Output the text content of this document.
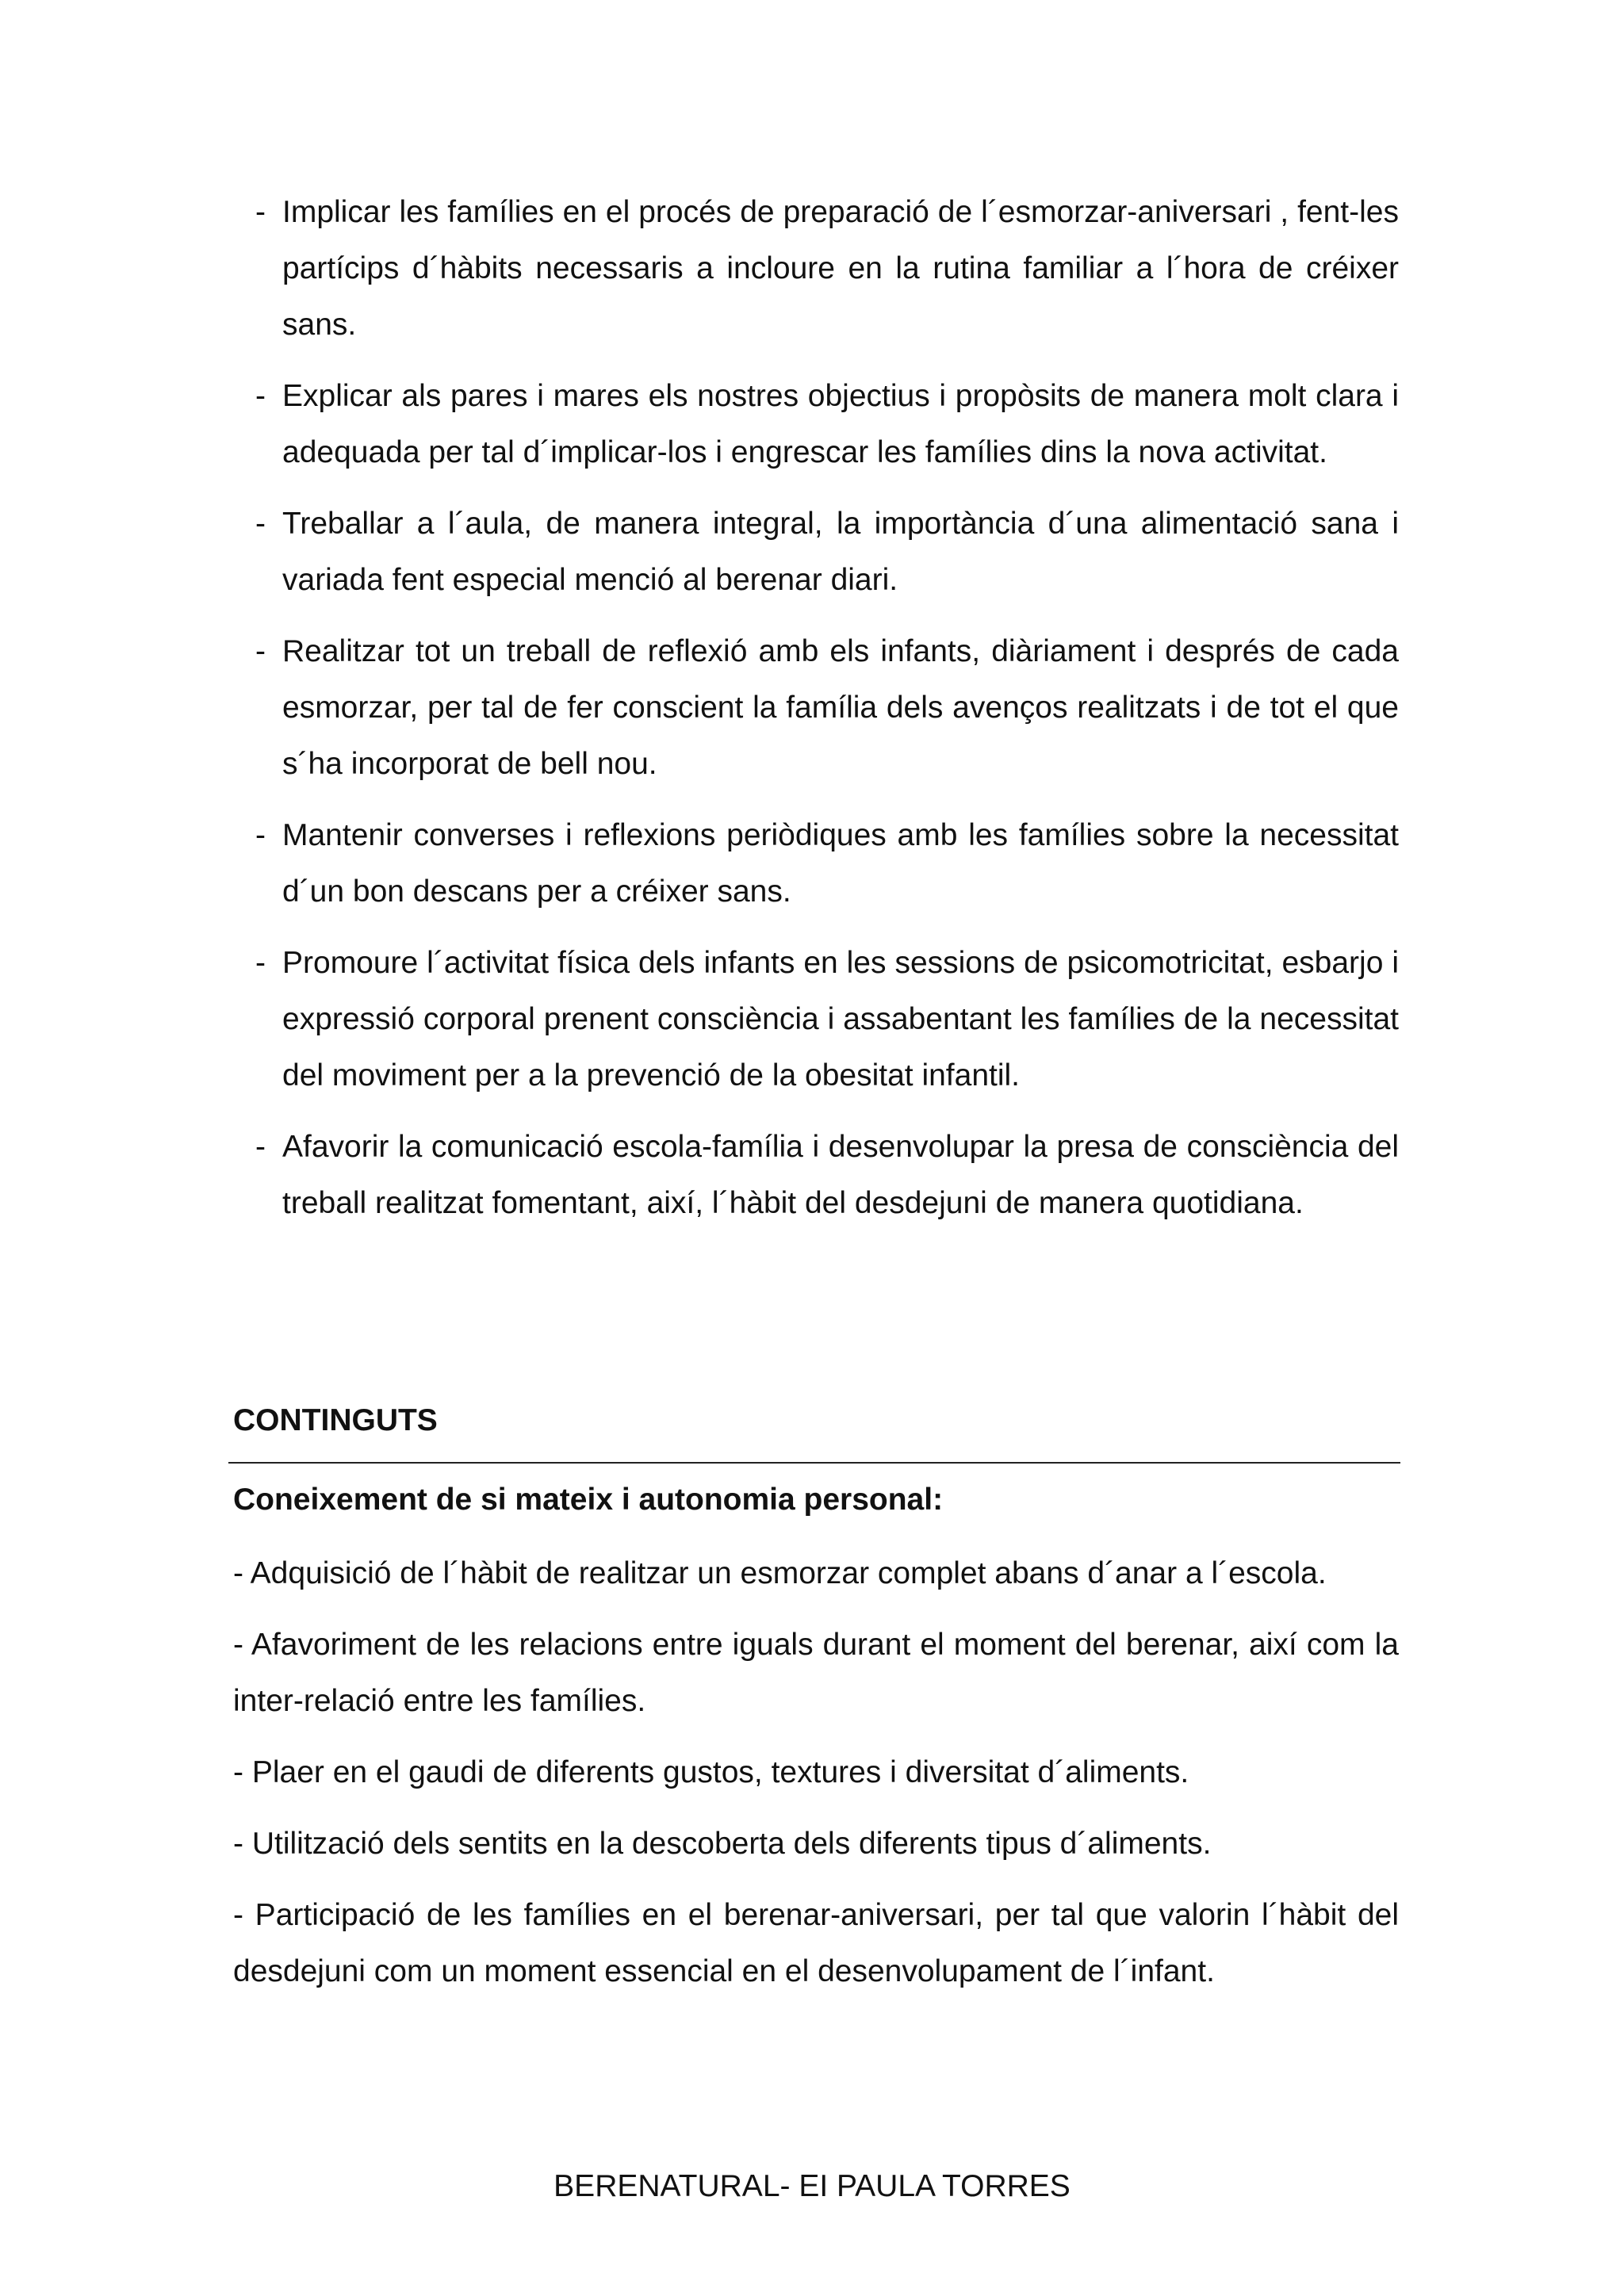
- Implicar les famílies en el procés de preparació de l´esmorzar-aniversari , fent-les partícips d´hàbits necessaris a incloure en la rutina familiar a l´hora de créixer sans.
- Explicar als pares i mares els nostres objectius i propòsits de manera molt clara i adequada per tal d´implicar-los i engrescar les famílies dins la nova activitat.
- Treballar a l´aula, de manera integral, la importància d´una alimentació sana i variada fent especial menció al berenar diari.
- Realitzar tot un treball de reflexió amb els infants, diàriament i després de cada esmorzar, per tal de fer conscient la família dels avenços realitzats i de tot el que s´ha incorporat de bell nou.
- Mantenir converses i reflexions periòdiques amb les famílies sobre la necessitat d´un bon descans per a créixer sans.
- Promoure l´activitat física dels infants en les sessions de psicomotricitat, esbarjo i expressió corporal prenent consciència i assabentant les famílies de la necessitat del moviment per a la prevenció de la obesitat infantil.
- Afavorir la comunicació escola-família i desenvolupar la presa de consciència del treball realitzat fomentant, així, l´hàbit del desdejuni de manera quotidiana.
CONTINGUTS
Coneixement de si mateix i autonomia personal:
- Adquisició de l´hàbit de realitzar un esmorzar complet abans d´anar a l´escola.
- Afavoriment de les relacions entre iguals durant el moment del berenar, així com la inter-relació entre les famílies.
- Plaer en el gaudi de diferents gustos, textures i diversitat d´aliments.
- Utilització dels sentits en la descoberta dels diferents tipus d´aliments.
- Participació de les famílies en el berenar-aniversari, per tal que valorin l´hàbit del desdejuni com un moment essencial en el desenvolupament de l´infant.
BERENATURAL- EI PAULA TORRES
